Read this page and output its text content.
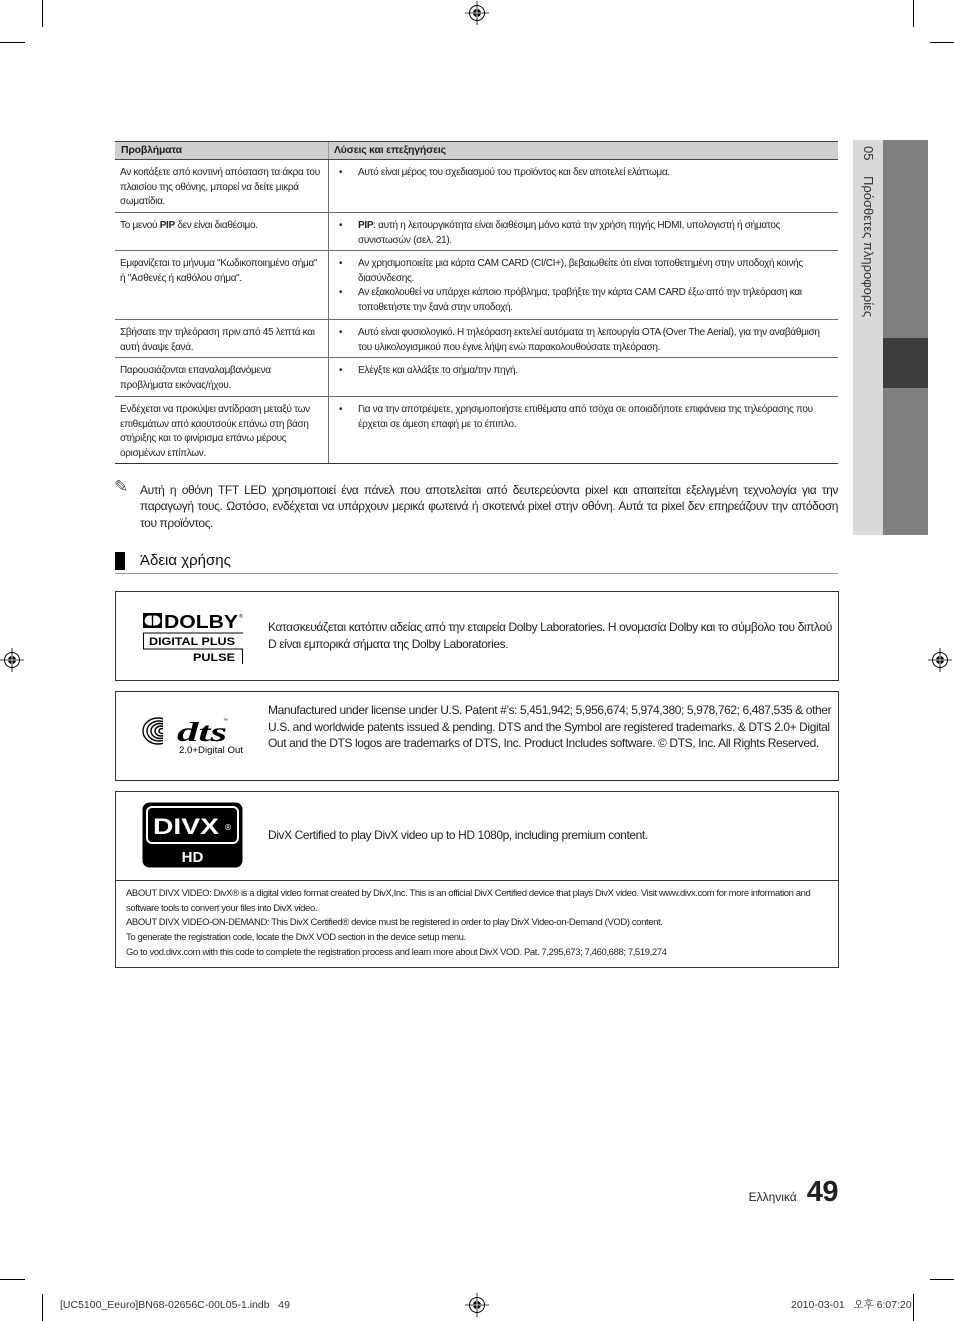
05
Πρόσθετες πληροφορίες
Προβλήματα	Λύσεις και επεξηγήσεις
Αν κοιτάξετε από κοντινή απόσταση τα άκρα του πλαισίου της οθόνης, μπορεί να δείτε μικρά σωματίδια.
•	Αυτό είναι μέρος του σχεδιασμού του προϊόντος και δεν αποτελεί ελάττωμα.
Το μενού PIP δεν είναι διαθέσιμο.	•	PIP: αυτή η λειτουργικότητα είναι διαθέσιμη μόνο κατά την χρήση πηγής HDMI, υπολογιστή ή σήματος συνιστωσών (σελ. 21).
Εμφανίζεται το μήνυμα "Κωδικοποιημένο σήμα" ή "Ασθενές ή καθόλου σήμα".
•	Αν χρησιμοποιείτε μια κάρτα CAM CARD (CI/CI+), βεβαιωθείτε ότι είναι τοποθετημένη στην υποδοχή κοινής διασύνδεσης.
•	Αν εξακολουθεί να υπάρχει κάποιο πρόβλημα, τραβήξτε την κάρτα CAM CARD έξω από την τηλεόραση και τοποθετήστε την ξανά στην υποδοχή.
Σβήσατε την τηλεόραση πριν από 45 λεπτά και αυτή άναψε ξανά.
•	Αυτό είναι φυσιολογικό. Η τηλεόραση εκτελεί αυτόματα τη λειτουργία OTA (Over The Aerial), για την αναβάθμιση του υλικολογισμικού που έγινε λήψη ενώ παρακολουθούσατε τηλεόραση.
Παρουσιάζονται επαναλαμβανόμενα προβλήματα εικόνας/ήχου.
•	Ελέγξτε και αλλάξτε το σήμα/την πηγή.
Ενδέχεται να προκύψει αντίδραση μεταξύ των επιθεμάτων από καουτσούκ επάνω στη βάση στήριξης και το φινίρισμα επάνω μέρους ορισμένων επίπλων.
•	Για να την αποτρέψετε, χρησιμοποιήστε επιθέματα από τσόχα σε οποιαδήποτε επιφάνεια της τηλεόρασης που έρχεται σε άμεση επαφή με το έπιπλο.
✎ Αυτή η οθόνη TFT LED χρησιμοποιεί ένα πάνελ που αποτελείται από δευτερεύοντα pixel και απαιτείται εξελιγμένη τεχνολογία για την παραγωγή τους. Ωστόσο, ενδέχεται να υπάρχουν μερικά φωτεινά ή σκοτεινά pixel στην οθόνη. Αυτά τα pixel δεν επηρεάζουν την απόδοση του προϊόντος.
Άδεια χρήσης
DOLBY ®
DIGITAL PLUS
PULSE
Κατασκευάζεται κατόπιν αδείας από την εταιρεία Dolby Laboratories. Η ονομασία Dolby και το σύμβολο του διπλού D είναι εμπορικά σήματα της Dolby Laboratories.
dts
™
2.0+Digital Out
Manufactured under license under U.S. Patent #’s: 5,451,942; 5,956,674; 5,974,380; 5,978,762; 6,487,535 & other U.S. and worldwide patents issued & pending. DTS and the Symbol are registered trademarks. & DTS 2.0+ Digital Out and the DTS logos are trademarks of DTS, Inc. Product Includes software. © DTS, Inc. All Rights Reserved.
DIVX ®
HD
DivX Certified to play DivX video up to HD 1080p, including premium content.
ABOUT DIVX VIDEO: DivX® is a digital video format created by DivX,Inc. This is an official DivX Certified device that plays DivX video. Visit www.divx.com for more information and software tools to convert your files into DivX video.
ABOUT DIVX VIDEO-ON-DEMAND: This DivX Certified® device must be registered in order to play DivX Video-on-Demand (VOD) content.
To generate the registration code, locate the DivX VOD section in the device setup menu.
Go to vod.divx.com with this code to complete the registration process and learn more about DivX VOD. Pat. 7,295,673; 7,460,688; 7,519,274
Ελληνικά 49
[UC5100_Eeuro]BN68-02656C-00L05-1.indb   49	2010-03-01   오후 6:07:20
